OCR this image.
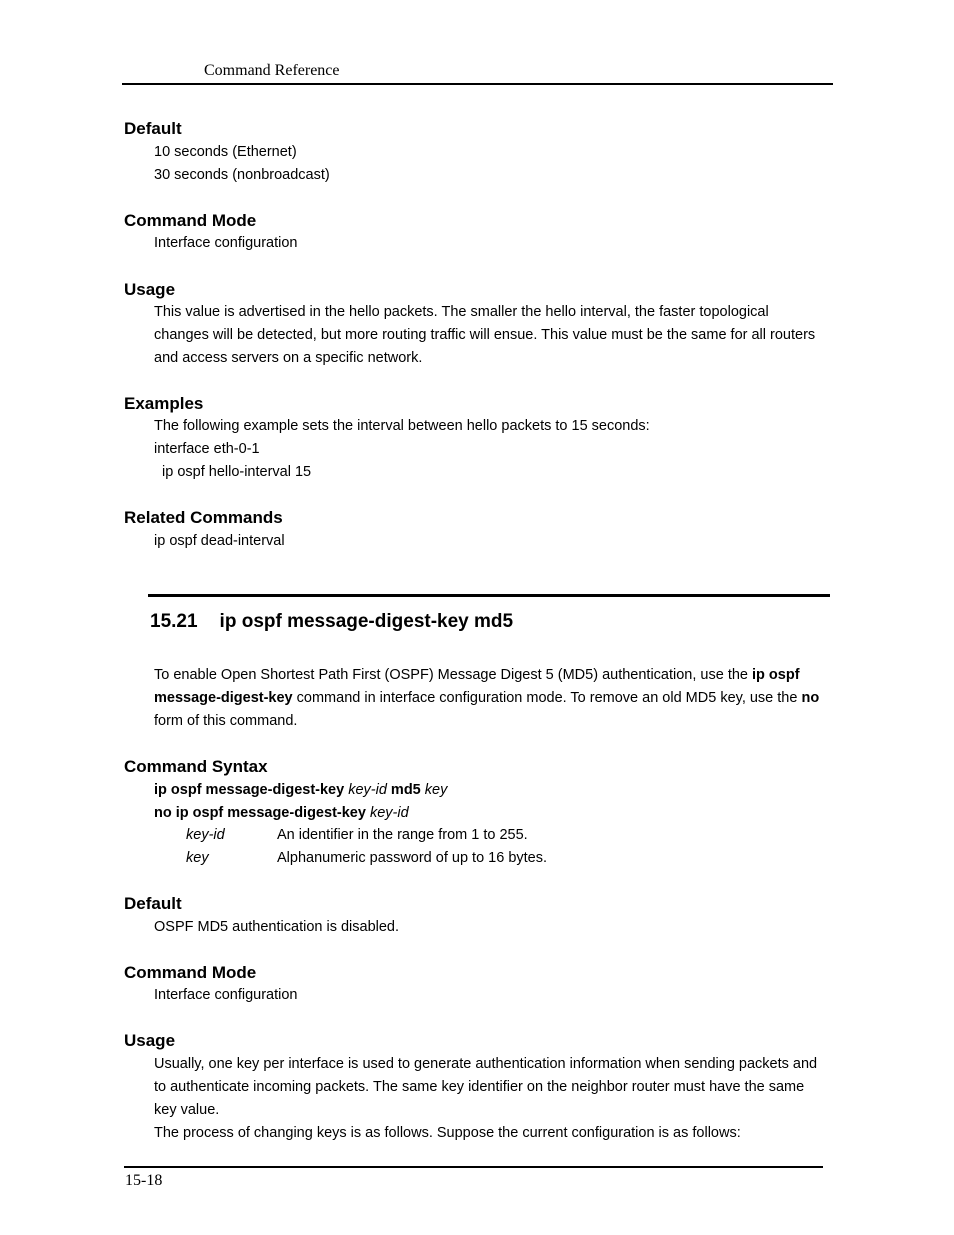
Command Reference
Default
10 seconds (Ethernet)
30 seconds (nonbroadcast)
Command Mode
Interface configuration
Usage
This value is advertised in the hello packets. The smaller the hello interval, the faster topological
changes will be detected, but more routing traffic will ensue. This value must be the same for all routers
and access servers on a specific network.
Examples
The following example sets the interval between hello packets to 15 seconds:
interface eth-0-1
ip ospf hello-interval 15
Related Commands
ip ospf dead-interval
15.21 ip ospf message-digest-key md5
To enable Open Shortest Path First (OSPF) Message Digest 5 (MD5) authentication, use the ip ospf
message-digest-key command in interface configuration mode. To remove an old MD5 key, use the no
form of this command.
Command Syntax
ip ospf message-digest-key key-id md5 key
no ip ospf message-digest-key key-id
key-id	An identifier in the range from 1 to 255.
key	Alphanumeric password of up to 16 bytes.
Default
OSPF MD5 authentication is disabled.
Command Mode
Interface configuration
Usage
Usually, one key per interface is used to generate authentication information when sending packets and
to authenticate incoming packets. The same key identifier on the neighbor router must have the same
key value.
The process of changing keys is as follows. Suppose the current configuration is as follows:
15-18
